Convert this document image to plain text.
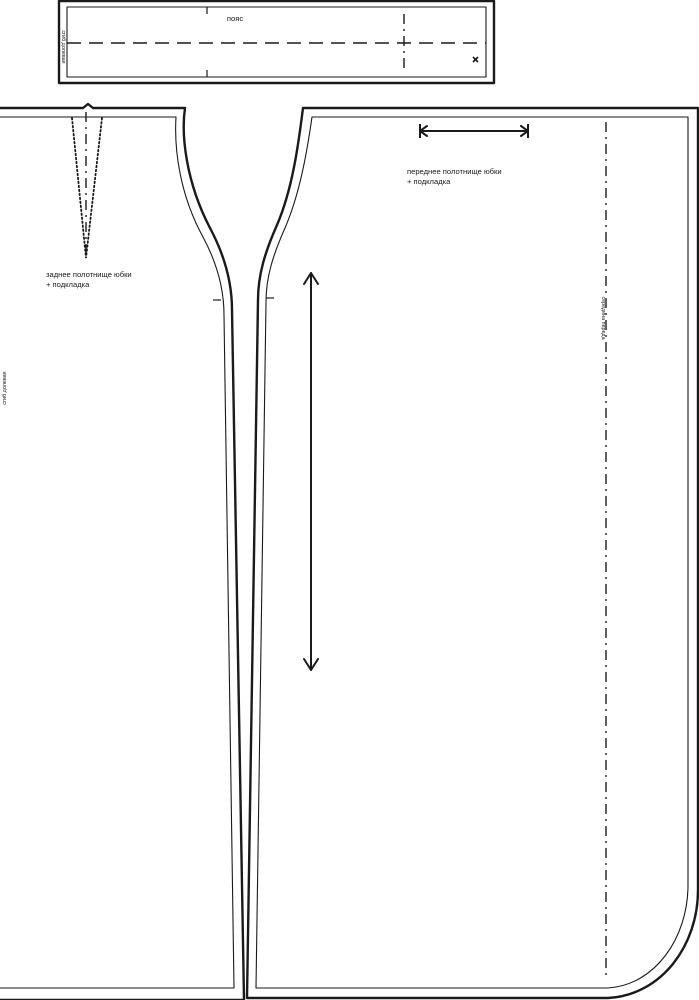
пояс
сгиб долевая
заднее полотнище юбки
+ подкладка
сгиб долевая
переднее полотнище юбки
+ подкладка
середина переда
